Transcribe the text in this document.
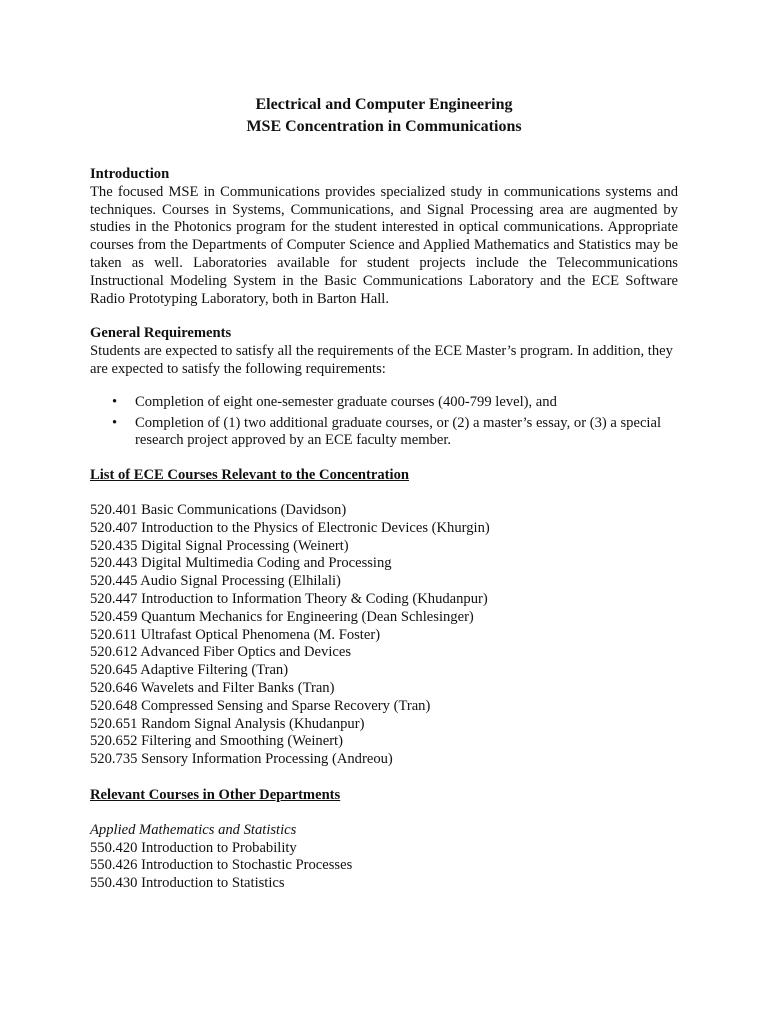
Electrical and Computer Engineering
MSE Concentration in Communications
Introduction

The focused MSE in Communications provides specialized study in communications systems and techniques. Courses in Systems, Communications, and Signal Processing area are augmented by studies in the Photonics program for the student interested in optical communications. Appropriate courses from the Departments of Computer Science and Applied Mathematics and Statistics may be taken as well. Laboratories available for student projects include the Telecommunications Instructional Modeling System in the Basic Communications Laboratory and the ECE Software Radio Prototyping Laboratory, both in Barton Hall.

General Requirements

Students are expected to satisfy all the requirements of the ECE Master’s program. In addition, they are expected to satisfy the following requirements:

• Completion of eight one-semester graduate courses (400-799 level), and
• Completion of (1) two additional graduate courses, or (2) a master’s essay, or (3) a special research project approved by an ECE faculty member.
List of ECE Courses Relevant to the Concentration
520.401 Basic Communications (Davidson)
520.407 Introduction to the Physics of Electronic Devices (Khurgin)
520.435 Digital Signal Processing (Weinert)
520.443 Digital Multimedia Coding and Processing
520.445 Audio Signal Processing (Elhilali)
520.447 Introduction to Information Theory & Coding (Khudanpur)
520.459 Quantum Mechanics for Engineering (Dean Schlesinger)
520.611 Ultrafast Optical Phenomena (M. Foster)
520.612 Advanced Fiber Optics and Devices
520.645 Adaptive Filtering (Tran)
520.646 Wavelets and Filter Banks (Tran)
520.648 Compressed Sensing and Sparse Recovery (Tran)
520.651 Random Signal Analysis (Khudanpur)
520.652 Filtering and Smoothing (Weinert)
520.735 Sensory Information Processing (Andreou)
Relevant Courses in Other Departments
Applied Mathematics and Statistics
550.420 Introduction to Probability
550.426 Introduction to Stochastic Processes
550.430 Introduction to Statistics
